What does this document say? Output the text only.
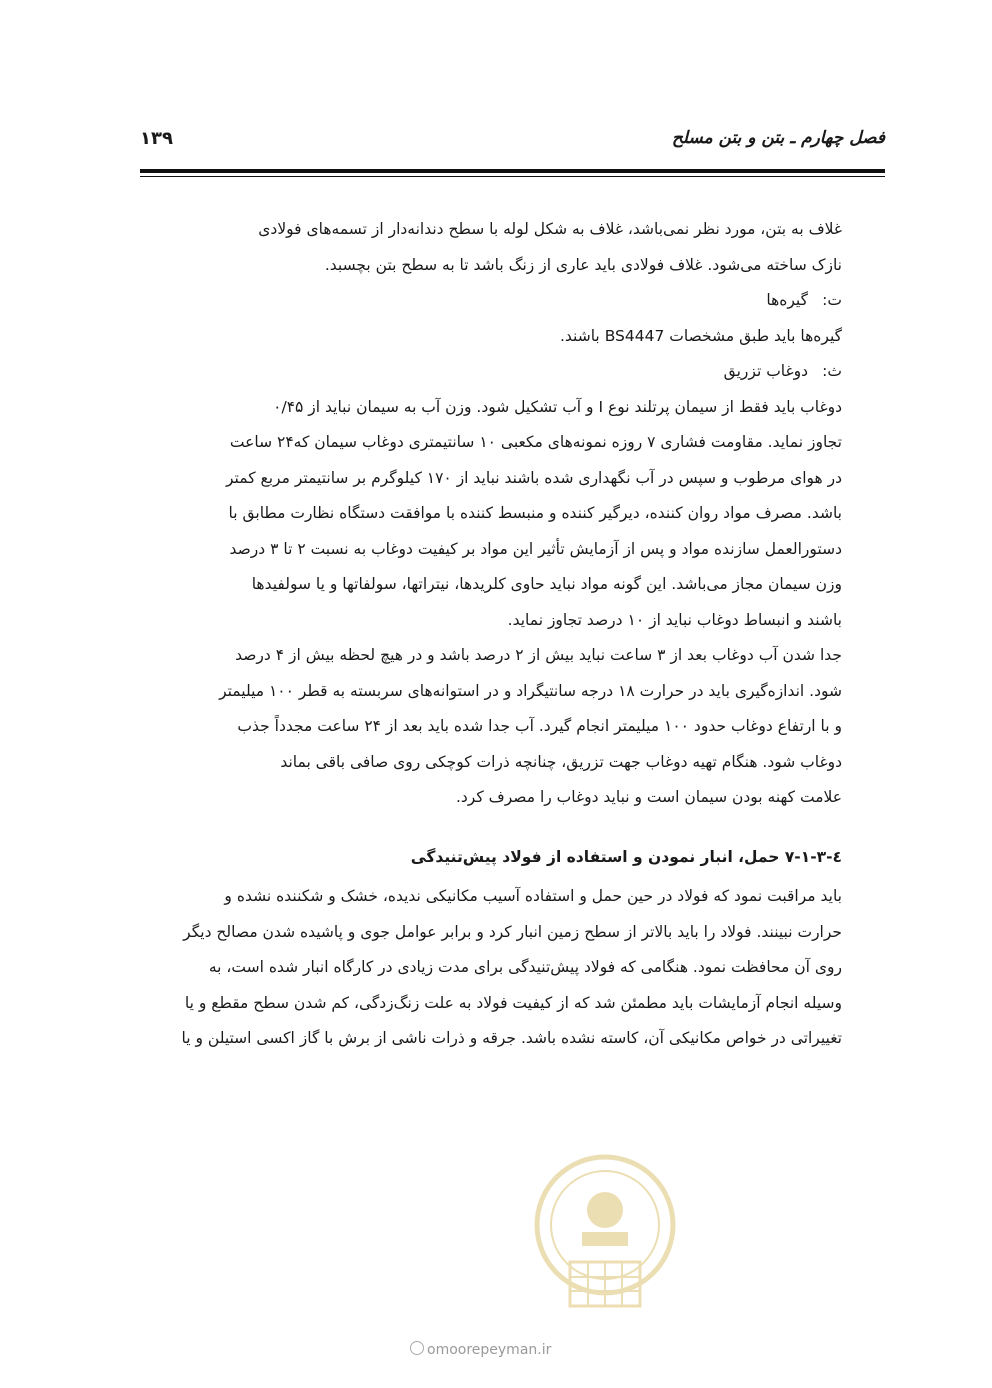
فصل چهارم ـ بتن و بتن مسلح
۱۳۹

غلاف به بتن، مورد نظر نمی‌باشد، غلاف به شکل لوله با سطح دندانه‌دار از تسمه‌های فولادی
نازک ساخته می‌شود. غلاف فولادی باید عاری از زنگ باشد تا به سطح بتن بچسبد.

ت:گیره‌ها

گیره‌ها باید طبق مشخصات BS4447 باشند.

ث:دوغاب تزریق

دوغاب باید فقط از سیمان پرتلند نوع I و آب تشکیل شود. وزن آب به سیمان نباید از ۰/۴۵
تجاوز نماید. مقاومت فشاری ۷ روزه نمونه‌های مکعبی ۱۰ سانتیمتری دوغاب سیمان که۲۴ ساعت
در هوای مرطوب و سپس در آب نگهداری شده باشند نباید از ۱۷۰ کیلوگرم بر سانتیمتر مربع کمتر
باشد. مصرف مواد روان کننده، دیرگیر کننده و منبسط کننده با موافقت دستگاه نظارت مطابق با
دستورالعمل سازنده مواد و پس از آزمایش تأثیر این مواد بر کیفیت دوغاب به نسبت ۲ تا ۳ درصد
وزن سیمان مجاز می‌باشد. این گونه مواد نباید حاوی کلریدها، نیتراتها، سولفاتها و یا سولفیدها
باشند و انبساط دوغاب نباید از ۱۰ درصد تجاوز نماید.

جدا شدن آب دوغاب بعد از ۳ ساعت نباید بیش از ۲ درصد باشد و در هیچ لحظه بیش از ۴ درصد
شود. اندازه‌گیری باید در حرارت ۱۸ درجه سانتیگراد و در استوانه‌های سربسته به قطر ۱۰۰ میلیمتر
و با ارتفاع دوغاب حدود ۱۰۰ میلیمتر انجام گیرد. آب جدا شده باید بعد از ۲۴ ساعت مجدداً جذب
دوغاب شود. هنگام تهیه دوغاب جهت تزریق، چنانچه ذرات کوچکی روی صافی باقی بماند
علامت کهنه بودن سیمان است و نباید دوغاب را مصرف کرد.

٤-۷-۱-۳ حمل، انبار نمودن و استفاده از فولاد پیش‌تنیدگی

باید مراقبت نمود که فولاد در حین حمل و استفاده آسیب مکانیکی ندیده، خشک و شکننده نشده و
حرارت نبینند. فولاد را باید بالاتر از سطح زمین انبار کرد و برابر عوامل جوی و پاشیده شدن مصالح دیگر
روی آن محافظت نمود. هنگامی که فولاد پیش‌تنیدگی برای مدت زیادی در کارگاه انبار شده است، به
وسیله انجام آزمایشات باید مطمئن شد که از کیفیت فولاد به علت زنگ‌زدگی، کم شدن سطح مقطع و یا
تغییراتی در خواص مکانیکی آن، کاسته نشده باشد. جرقه و ذرات ناشی از برش با گاز اکسی استیلن و یا

omoorepeyman.ir
